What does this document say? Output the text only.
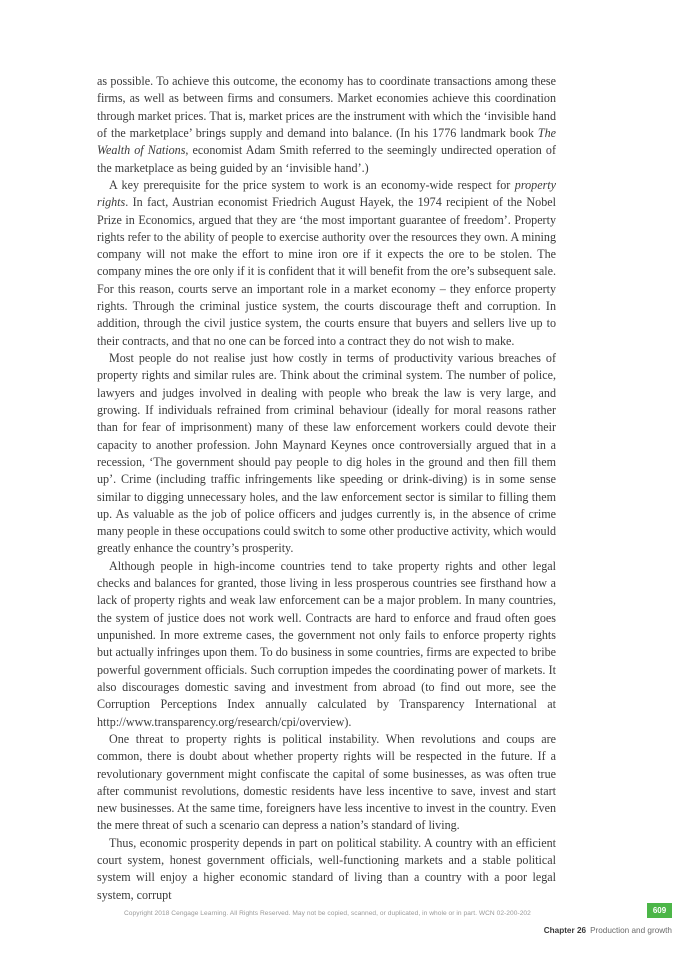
as possible. To achieve this outcome, the economy has to coordinate transactions among these firms, as well as between firms and consumers. Market economies achieve this coordination through market prices. That is, market prices are the instrument with which the ‘invisible hand of the marketplace’ brings supply and demand into balance. (In his 1776 landmark book The Wealth of Nations, economist Adam Smith referred to the seemingly undirected operation of the marketplace as being guided by an ‘invisible hand’.)

A key prerequisite for the price system to work is an economy-wide respect for property rights. In fact, Austrian economist Friedrich August Hayek, the 1974 recipient of the Nobel Prize in Economics, argued that they are ‘the most important guarantee of freedom’. Property rights refer to the ability of people to exercise authority over the resources they own. A mining company will not make the effort to mine iron ore if it expects the ore to be stolen. The company mines the ore only if it is confident that it will benefit from the ore’s subsequent sale. For this reason, courts serve an important role in a market economy – they enforce property rights. Through the criminal justice system, the courts discourage theft and corruption. In addition, through the civil justice system, the courts ensure that buyers and sellers live up to their contracts, and that no one can be forced into a contract they do not wish to make.

Most people do not realise just how costly in terms of productivity various breaches of property rights and similar rules are. Think about the criminal system. The number of police, lawyers and judges involved in dealing with people who break the law is very large, and growing. If individuals refrained from criminal behaviour (ideally for moral reasons rather than for fear of imprisonment) many of these law enforcement workers could devote their capacity to another profession. John Maynard Keynes once controversially argued that in a recession, ‘The government should pay people to dig holes in the ground and then fill them up’. Crime (including traffic infringements like speeding or drink-diving) is in some sense similar to digging unnecessary holes, and the law enforcement sector is similar to filling them up. As valuable as the job of police officers and judges currently is, in the absence of crime many people in these occupations could switch to some other productive activity, which would greatly enhance the country’s prosperity.

Although people in high-income countries tend to take property rights and other legal checks and balances for granted, those living in less prosperous countries see firsthand how a lack of property rights and weak law enforcement can be a major problem. In many countries, the system of justice does not work well. Contracts are hard to enforce and fraud often goes unpunished. In more extreme cases, the government not only fails to enforce property rights but actually infringes upon them. To do business in some countries, firms are expected to bribe powerful government officials. Such corruption impedes the coordinating power of markets. It also discourages domestic saving and investment from abroad (to find out more, see the Corruption Perceptions Index annually calculated by Transparency International at http://www.transparency.org/research/cpi/overview).

One threat to property rights is political instability. When revolutions and coups are common, there is doubt about whether property rights will be respected in the future. If a revolutionary government might confiscate the capital of some businesses, as was often true after communist revolutions, domestic residents have less incentive to save, invest and start new businesses. At the same time, foreigners have less incentive to invest in the country. Even the mere threat of such a scenario can depress a nation’s standard of living.

Thus, economic prosperity depends in part on political stability. A country with an efficient court system, honest government officials, well-functioning markets and a stable political system will enjoy a higher economic standard of living than a country with a poor legal system, corrupt

Copyright 2018 Cengage Learning. All Rights Reserved. May not be copied, scanned, or duplicated, in whole or in part. WCN 02-200-202	609
Chapter 26 Production and growth
